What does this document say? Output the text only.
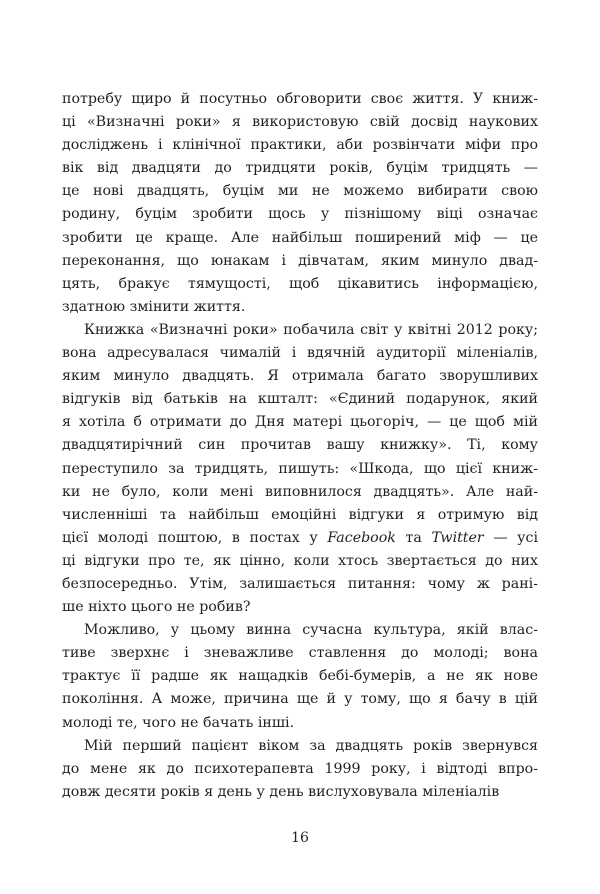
потребу щиро й посутньо обговорити своє життя. У книж-
ці «Визначні роки» я використовую свій досвід наукових
досліджень і клінічної практики, аби розвінчати міфи про
вік від двадцяти до тридцяти років, буцім тридцять —
це нові двадцять, буцім ми не можемо вибирати свою
родину, буцім зробити щось у пізнішому віці означає
зробити це краще. Але найбільш поширений міф — це
переконання, що юнакам і дівчатам, яким минуло двад-
цять, бракує тямущості, щоб цікавитись інформацією,
здатною змінити життя.
Книжка «Визначні роки» побачила світ у квітні 2012 року;
вона адресувалася чималій і вдячній аудиторії міленіалів,
яким минуло двадцять. Я отримала багато зворушливих
відгуків від батьків на кшталт: «Єдиний подарунок, який
я хотіла б отримати до Дня матері цьогоріч, — це щоб мій
двадцятирічний син прочитав вашу книжку». Ті, кому
переступило за тридцять, пишуть: «Шкода, що цієї книж-
ки не було, коли мені виповнилося двадцять». Але най-
численніші та найбільш емоційні відгуки я отримую від
цієї молоді поштою, в постах у Facebook та Twitter — усі
ці відгуки про те, як цінно, коли хтось звертається до них
безпосередньо. Утім, залишається питання: чому ж рані-
ше ніхто цього не робив?
Можливо, у цьому винна сучасна культура, якій влас-
тиве зверхнє і зневажливе ставлення до молоді; вона
трактує її радше як нащадків бебі-бумерів, а не як нове
покоління. А може, причина ще й у тому, що я бачу в цій
молоді те, чого не бачать інші.
Мій перший пацієнт віком за двадцять років звернувся
до мене як до психотерапевта 1999 року, і відтоді впро-
довж десяти років я день у день вислуховувала міленіалів
16
